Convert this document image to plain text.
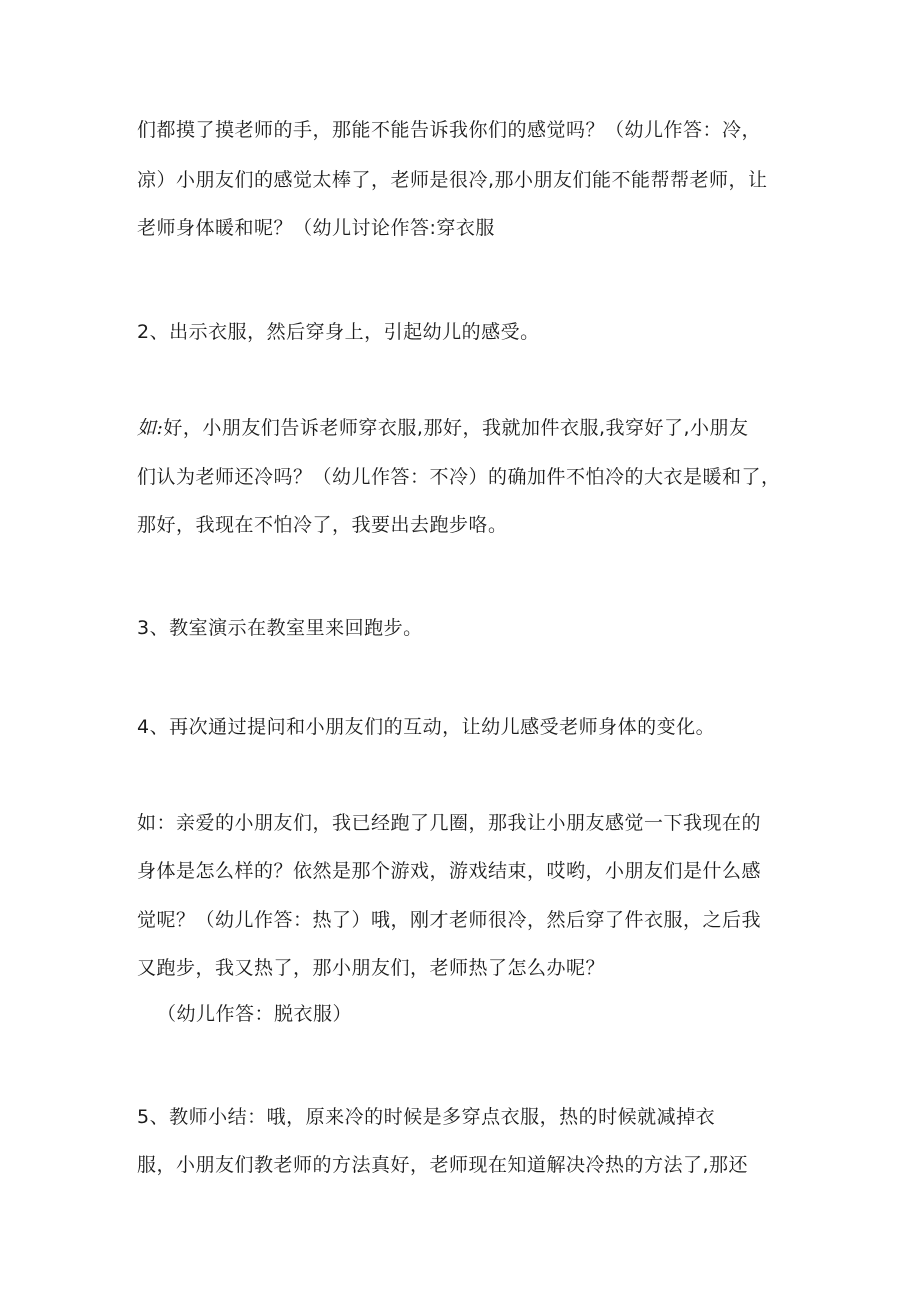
们都摸了摸老师的手，那能不能告诉我你们的感觉吗？（幼儿作答：冷，
凉）小朋友们的感觉太棒了，老师是很冷,那小朋友们能不能帮帮老师，让
老师身体暖和呢？（幼儿讨论作答:穿衣服
2、出示衣服，然后穿身上，引起幼儿的感受。
如:好，小朋友们告诉老师穿衣服,那好，我就加件衣服,我穿好了,小朋友
们认为老师还冷吗？（幼儿作答：不冷）的确加件不怕冷的大衣是暖和了，
那好，我现在不怕冷了，我要出去跑步咯。
3、教室演示在教室里来回跑步。
4、再次通过提问和小朋友们的互动，让幼儿感受老师身体的变化。
如：亲爱的小朋友们，我已经跑了几圈，那我让小朋友感觉一下我现在的
身体是怎么样的？依然是那个游戏，游戏结束，哎哟，小朋友们是什么感
觉呢？（幼儿作答：热了）哦，刚才老师很冷，然后穿了件衣服，之后我
又跑步，我又热了，那小朋友们，老师热了怎么办呢？
（幼儿作答：脱衣服）
5、教师小结：哦，原来冷的时候是多穿点衣服，热的时候就减掉衣
服，小朋友们教老师的方法真好，老师现在知道解决冷热的方法了,那还
